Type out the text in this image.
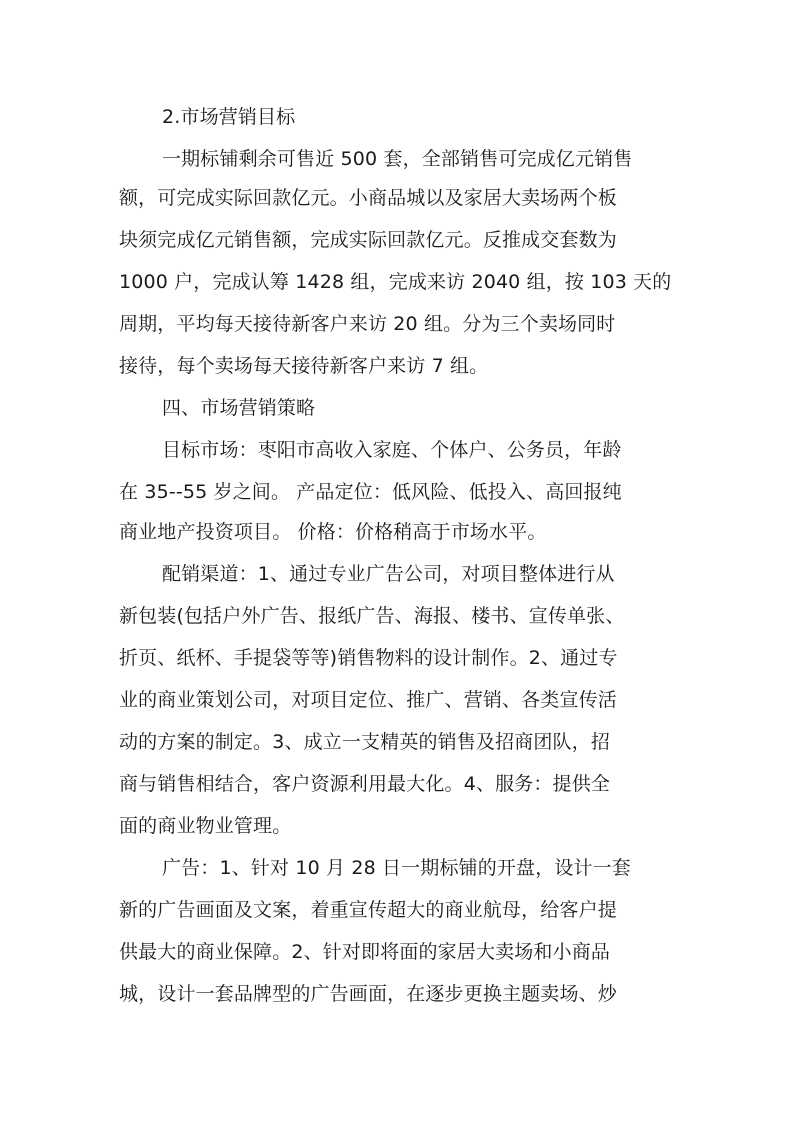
2.市场营销目标

一期标铺剩余可售近 500 套，全部销售可完成亿元销售

额，可完成实际回款亿元。小商品城以及家居大卖场两个板

块须完成亿元销售额，完成实际回款亿元。反推成交套数为

1000 户，完成认筹 1428 组，完成来访 2040 组，按 103 天的

周期，平均每天接待新客户来访 20 组。分为三个卖场同时

接待，每个卖场每天接待新客户来访 7 组。

四、市场营销策略

目标市场：枣阳市高收入家庭、个体户、公务员，年龄

在 35--55 岁之间。 产品定位：低风险、低投入、高回报纯

商业地产投资项目。 价格：价格稍高于市场水平。

配销渠道：1、通过专业广告公司，对项目整体进行从

新包装(包括户外广告、报纸广告、海报、楼书、宣传单张、

折页、纸杯、手提袋等等)销售物料的设计制作。2、通过专

业的商业策划公司，对项目定位、推广、营销、各类宣传活

动的方案的制定。3、成立一支精英的销售及招商团队，招

商与销售相结合，客户资源利用最大化。4、服务：提供全

面的商业物业管理。

广告：1、针对 10 月 28 日一期标铺的开盘，设计一套

新的广告画面及文案，着重宣传超大的商业航母，给客户提

供最大的商业保障。2、针对即将面的家居大卖场和小商品

城，设计一套品牌型的广告画面，在逐步更换主题卖场、炒
